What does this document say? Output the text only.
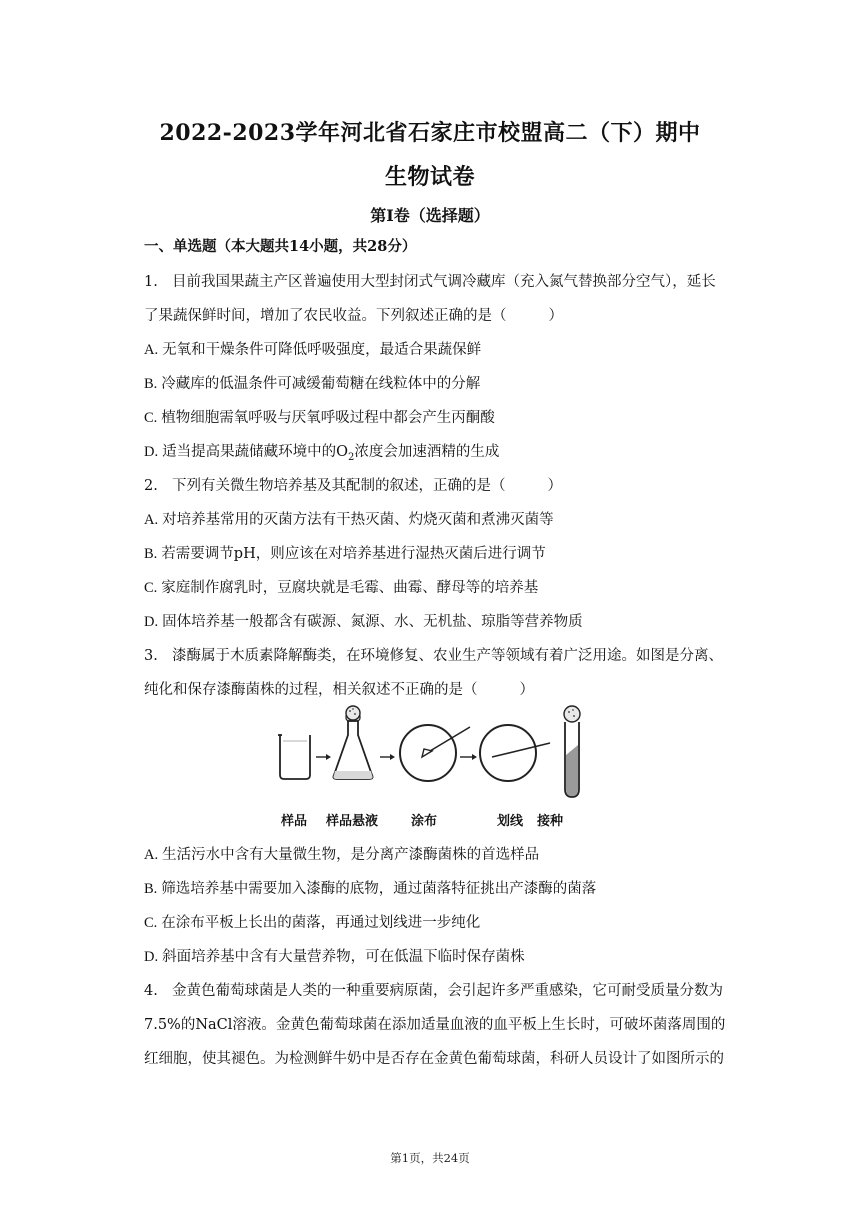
2022-2023学年河北省石家庄市校盟高二（下）期中
生物试卷
第I卷（选择题）
一、单选题（本大题共14小题，共28分）
1. 目前我国果蔬主产区普遍使用大型封闭式气调冷藏库（充入氮气替换部分空气），延长
了果蔬保鲜时间，增加了农民收益。下列叙述正确的是（	）
A. 无氧和干燥条件可降低呼吸强度，最适合果蔬保鲜
B. 冷藏库的低温条件可减缓葡萄糖在线粒体中的分解
C. 植物细胞需氧呼吸与厌氧呼吸过程中都会产生丙酮酸
D. 适当提高果蔬储藏环境中的$O_2$浓度会加速酒精的生成
2. 下列有关微生物培养基及其配制的叙述，正确的是（	）
A. 对培养基常用的灭菌方法有干热灭菌、灼烧灭菌和煮沸灭菌等
B. 若需要调节pH，则应该在对培养基进行湿热灭菌后进行调节
C. 家庭制作腐乳时，豆腐块就是毛霉、曲霉、酵母等的培养基
D. 固体培养基一般都含有碳源、氮源、水、无机盐、琼脂等营养物质
3. 漆酶属于木质素降解酶类，在环境修复、农业生产等领域有着广泛用途。如图是分离、
纯化和保存漆酶菌株的过程，相关叙述不正确的是（	）
样品 样品悬液	涂布	划线 接种
A. 生活污水中含有大量微生物，是分离产漆酶菌株的首选样品
B. 筛选培养基中需要加入漆酶的底物，通过菌落特征挑出产漆酶的菌落
C. 在涂布平板上长出的菌落，再通过划线进一步纯化
D. 斜面培养基中含有大量营养物，可在低温下临时保存菌株
4. 金黄色葡萄球菌是人类的一种重要病原菌，会引起许多严重感染，它可耐受质量分数为
7.5%的NaCl溶液。金黄色葡萄球菌在添加适量血液的血平板上生长时，可破坏菌落周围的
红细胞，使其褪色。为检测鲜牛奶中是否存在金黄色葡萄球菌，科研人员设计了如图所示的
第1页，共24页
